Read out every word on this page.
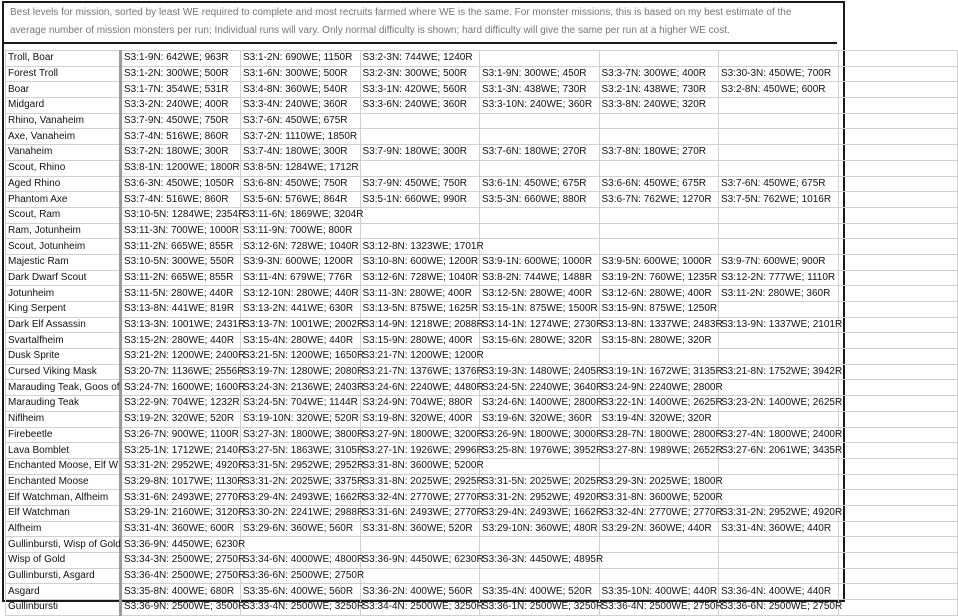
Best levels for mission, sorted by least WE required to complete and most recruits farmed where WE is the same. For monster missions, this is based on my best estimate of the average number of mission monsters per run; Individual runs will vary. Only normal difficulty is shown; hard difficulty will give the same per run at a higher WE cost.
Troll, Boar	S3:1-9N: 642WE; 963R	S3:1-2N: 690WE; 1150R	S3:2-3N: 744WE; 1240R				
Forest Troll	S3:1-2N: 300WE; 500R	S3:1-6N: 300WE; 500R	S3:2-3N: 300WE; 500R	S3:1-9N: 300WE; 450R	S3:3-7N: 300WE; 400R	S3:30-3N: 450WE; 700R	
Boar	S3:1-7N: 354WE; 531R	S3:4-8N: 360WE; 540R	S3:3-1N: 420WE; 560R	S3:1-3N: 438WE; 730R	S3:2-1N: 438WE; 730R	S3:2-8N: 450WE; 600R	
Midgard	S3:3-2N: 240WE; 400R	S3:3-4N: 240WE; 360R	S3:3-6N: 240WE; 360R	S3:3-10N: 240WE; 360R	S3:3-8N: 240WE; 320R		
Rhino, Vanaheim	S3:7-9N: 450WE; 750R	S3:7-6N: 450WE; 675R					
Axe, Vanaheim	S3:7-4N: 516WE; 860R	S3:7-2N: 1110WE; 1850R					
Vanaheim	S3:7-2N: 180WE; 300R	S3:7-4N: 180WE; 300R	S3:7-9N: 180WE; 300R	S3:7-6N: 180WE; 270R	S3:7-8N: 180WE; 270R		
Scout, Rhino	S3:8-1N: 1200WE; 1800R	S3:8-5N: 1284WE; 1712R					
Aged Rhino	S3:6-3N: 450WE; 1050R	S3:6-8N: 450WE; 750R	S3:7-9N: 450WE; 750R	S3:6-1N: 450WE; 675R	S3:6-6N: 450WE; 675R	S3:7-6N: 450WE; 675R	
Phantom Axe	S3:7-4N: 516WE; 860R	S3:5-6N: 576WE; 864R	S3:5-1N: 660WE; 990R	S3:5-3N: 660WE; 880R	S3:6-7N: 762WE; 1270R	S3:7-5N: 762WE; 1016R	
Scout, Ram	S3:10-5N: 1284WE; 2354R	S3:11-6N: 1869WE; 3204R					
Ram, Jotunheim	S3:11-3N: 700WE; 1000R	S3:11-9N: 700WE; 800R					
Scout, Jotunheim	S3:11-2N: 665WE; 855R	S3:12-6N: 728WE; 1040R	S3:12-8N: 1323WE; 1701R				
Majestic Ram	S3:10-5N: 300WE; 550R	S3:9-3N: 600WE; 1200R	S3:10-8N: 600WE; 1200R	S3:9-1N: 600WE; 1000R	S3:9-5N: 600WE; 1000R	S3:9-7N: 600WE; 900R	
Dark Dwarf Scout	S3:11-2N: 665WE; 855R	S3:11-4N: 679WE; 776R	S3:12-6N: 728WE; 1040R	S3:8-2N: 744WE; 1488R	S3:19-2N: 760WE; 1235R	S3:12-2N: 777WE; 1110R	
Jotunheim	S3:11-5N: 280WE; 440R	S3:12-10N: 280WE; 440R	S3:11-3N: 280WE; 400R	S3:12-5N: 280WE; 400R	S3:12-6N: 280WE; 400R	S3:11-2N: 280WE; 360R	
King Serpent	S3:13-8N: 441WE; 819R	S3:13-2N: 441WE; 630R	S3:13-5N: 875WE; 1625R	S3:15-1N: 875WE; 1500R	S3:15-9N: 875WE; 1250R		
Dark Elf Assassin	S3:13-3N: 1001WE; 2431R	S3:13-7N: 1001WE; 2002R	S3:14-9N: 1218WE; 2088R	S3:14-1N: 1274WE; 2730R	S3:13-8N: 1337WE; 2483R	S3:13-9N: 1337WE; 2101R	
Svartalfheim	S3:15-2N: 280WE; 440R	S3:15-4N: 280WE; 440R	S3:15-9N: 280WE; 400R	S3:15-6N: 280WE; 320R	S3:15-8N: 280WE; 320R		
Dusk Sprite	S3:21-2N: 1200WE; 2400R	S3:21-5N: 1200WE; 1650R	S3:21-7N: 1200WE; 1200R				
Cursed Viking Mask	S3:20-7N: 1136WE; 2556R	S3:19-7N: 1280WE; 2080R	S3:21-7N: 1376WE; 1376R	S3:19-3N: 1480WE; 2405R	S3:19-1N: 1672WE; 3135R	S3:21-8N: 1752WE; 3942R	
Marauding Teak, Goos of	S3:24-7N: 1600WE; 1600R	S3:24-3N: 2136WE; 2403R	S3:24-6N: 2240WE; 4480R	S3:24-5N: 2240WE; 3640R	S3:24-9N: 2240WE; 2800R		
Marauding Teak	S3:22-9N: 704WE; 1232R	S3:24-5N: 704WE; 1144R	S3:24-9N: 704WE; 880R	S3:24-6N: 1400WE; 2800R	S3:22-1N: 1400WE; 2625R	S3:23-2N: 1400WE; 2625R	
Niflheim	S3:19-2N: 320WE; 520R	S3:19-10N: 320WE; 520R	S3:19-8N: 320WE; 400R	S3:19-6N: 320WE; 360R	S3:19-4N: 320WE; 320R		
Firebeetle	S3:26-7N: 900WE; 1100R	S3:27-3N: 1800WE; 3800R	S3:27-9N: 1800WE; 3200R	S3:26-9N: 1800WE; 3000R	S3:28-7N: 1800WE; 2800R	S3:27-4N: 1800WE; 2400R	
Lava Bomblet	S3:25-1N: 1712WE; 2140R	S3:27-5N: 1863WE; 3105R	S3:27-1N: 1926WE; 2996R	S3:25-8N: 1976WE; 3952R	S3:27-8N: 1989WE; 2652R	S3:27-6N: 2061WE; 3435R	
Enchanted Moose, Elf W	S3:31-2N: 2952WE; 4920R	S3:31-5N: 2952WE; 2952R	S3:31-8N: 3600WE; 5200R				
Enchanted Moose	S3:29-8N: 1017WE; 1130R	S3:31-2N: 2025WE; 3375R	S3:31-8N: 2025WE; 2925R	S3:31-5N: 2025WE; 2025R	S3:29-3N: 2025WE; 1800R		
Elf Watchman, Alfheim	S3:31-6N: 2493WE; 2770R	S3:29-4N: 2493WE; 1662R	S3:32-4N: 2770WE; 2770R	S3:31-2N: 2952WE; 4920R	S3:31-8N: 3600WE; 5200R		
Elf Watchman	S3:29-1N: 2160WE; 3120R	S3:30-2N: 2241WE; 2988R	S3:31-6N: 2493WE; 2770R	S3:29-4N: 2493WE; 1662R	S3:32-4N: 2770WE; 2770R	S3:31-2N: 2952WE; 4920R	
Alfheim	S3:31-4N: 360WE; 600R	S3:29-6N: 360WE; 560R	S3:31-8N: 360WE; 520R	S3:29-10N: 360WE; 480R	S3:29-2N: 360WE; 440R	S3:31-4N: 360WE; 440R	
Gullinbursti, Wisp of Gold	S3:36-9N: 4450WE; 6230R						
Wisp of Gold	S3:34-3N: 2500WE; 2750R	S3:34-6N: 4000WE; 4800R	S3:36-9N: 4450WE; 6230R	S3:36-3N: 4450WE; 4895R			
Gullinbursti, Asgard	S3:36-4N: 2500WE; 2750R	S3:36-6N: 2500WE; 2750R					
Asgard	S3:35-8N: 400WE; 680R	S3:35-6N: 400WE; 560R	S3:36-2N: 400WE; 560R	S3:35-4N: 400WE; 520R	S3:35-10N: 400WE; 440R	S3:36-4N: 400WE; 440R	
Gullinbursti	S3:36-9N: 2500WE; 3500R	S3:33-4N: 2500WE; 3250R	S3:34-4N: 2500WE; 3250R	S3:36-1N: 2500WE; 3250R	S3:36-4N: 2500WE; 2750R	S3:36-6N: 2500WE; 2750R	
